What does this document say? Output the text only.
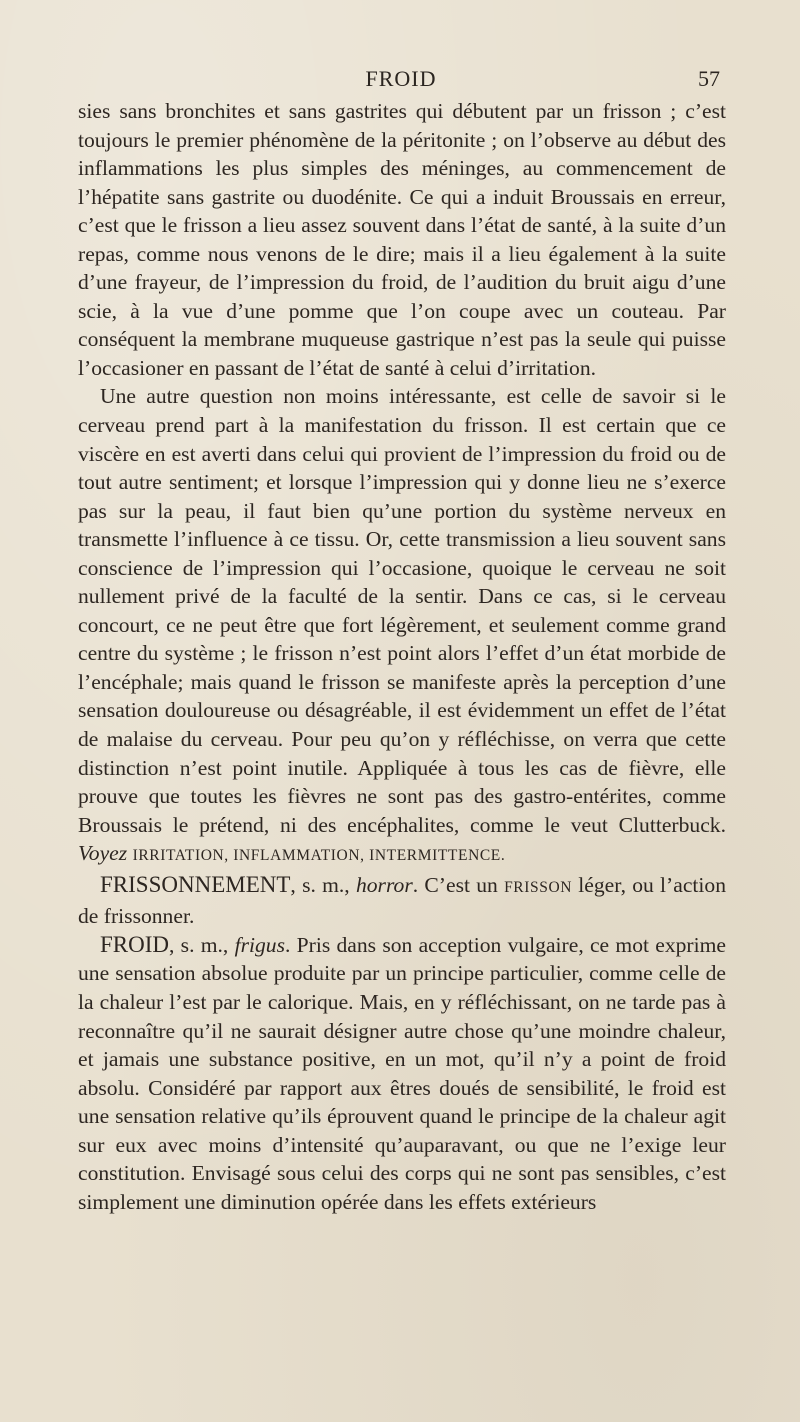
FROID	57

sies sans bronchites et sans gastrites qui débutent par un frisson ; c’est toujours le premier phénomène de la péritonite ; on l’observe au début des inflammations les plus simples des méninges, au commencement de l’hépatite sans gastrite ou duodénite. Ce qui a induit Broussais en erreur, c’est que le frisson a lieu assez souvent dans l’état de santé, à la suite d’un repas, comme nous venons de le dire; mais il a lieu également à la suite d’une frayeur, de l’impression du froid, de l’audition du bruit aigu d’une scie, à la vue d’une pomme que l’on coupe avec un couteau. Par conséquent la membrane muqueuse gastrique n’est pas la seule qui puisse l’occasioner en passant de l’état de santé à celui d’irritation.

Une autre question non moins intéressante, est celle de savoir si le cerveau prend part à la manifestation du frisson. Il est certain que ce viscère en est averti dans celui qui provient de l’impression du froid ou de tout autre sentiment; et lorsque l’impression qui y donne lieu ne s’exerce pas sur la peau, il faut bien qu’une portion du système nerveux en transmette l’influence à ce tissu. Or, cette transmission a lieu souvent sans conscience de l’impression qui l’occasione, quoique le cerveau ne soit nullement privé de la faculté de la sentir. Dans ce cas, si le cerveau concourt, ce ne peut être que fort légèrement, et seulement comme grand centre du système ; le frisson n’est point alors l’effet d’un état morbide de l’encéphale; mais quand le frisson se manifeste après la perception d’une sensation douloureuse ou désagréable, il est évidemment un effet de l’état de malaise du cerveau. Pour peu qu’on y réfléchisse, on verra que cette distinction n’est point inutile. Appliquée à tous les cas de fièvre, elle prouve que toutes les fièvres ne sont pas des gastro-entérites, comme Broussais le prétend, ni des encéphalites, comme le veut Clutterbuck. Voyez IRRITATION, INFLAMMATION, INTERMITTENCE.

FRISSONNEMENT, s. m., horror. C’est un FRISSON léger, ou l’action de frissonner.

FROID, s. m., frigus. Pris dans son acception vulgaire, ce mot exprime une sensation absolue produite par un principe particulier, comme celle de la chaleur l’est par le calorique. Mais, en y réfléchissant, on ne tarde pas à reconnaître qu’il ne saurait désigner autre chose qu’une moindre chaleur, et jamais une substance positive, en un mot, qu’il n’y a point de froid absolu. Considéré par rapport aux êtres doués de sensibilité, le froid est une sensation relative qu’ils éprouvent quand le principe de la chaleur agit sur eux avec moins d’intensité qu’auparavant, ou que ne l’exige leur constitution. Envisagé sous celui des corps qui ne sont pas sensibles, c’est simplement une diminution opérée dans les effets extérieurs
